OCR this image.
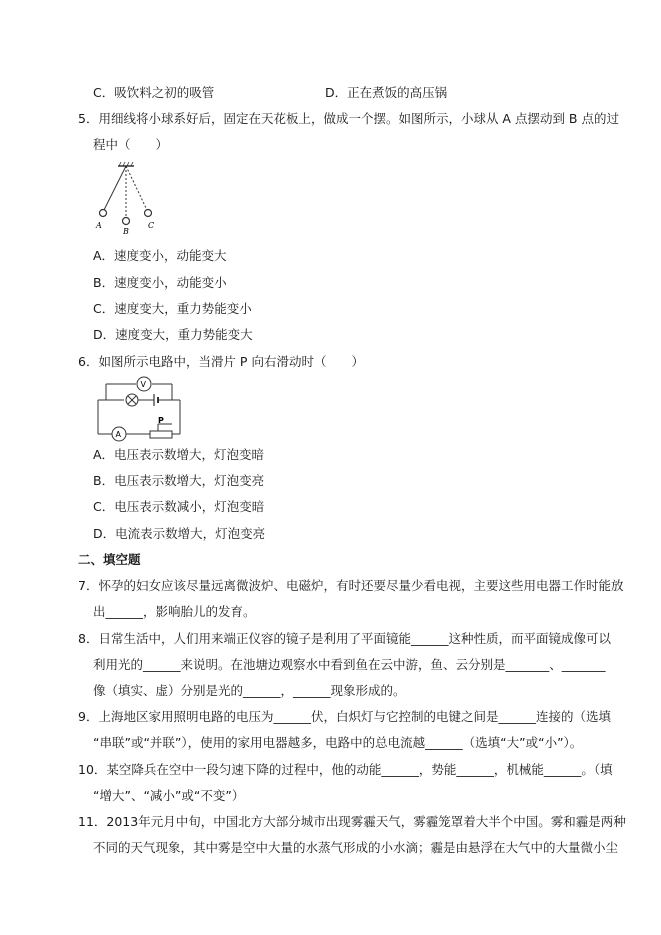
C．吸饮料之初的吸管	D．正在煮饭的高压锅
5．用细线将小球系好后，固定在天花板上，做成一个摆。如图所示，小球从 A 点摆动到 B 点的过
程中（　　）
A
B
C
A．速度变小，动能变大
B．速度变小，动能变小
C．速度变大，重力势能变小
D．速度变大，重力势能变大
6．如图所示电路中，当滑片 P 向右滑动时（　　）
V
A
P
A．电压表示数增大，灯泡变暗
B．电压表示数增大，灯泡变亮
C．电压表示数减小，灯泡变暗
D．电流表示数增大，灯泡变亮
二、填空题
7．怀孕的妇女应该尽量远离微波炉、电磁炉，有时还要尽量少看电视，主要这些用电器工作时能放
出______，影响胎儿的发育。
8．日常生活中，人们用来端正仪容的镜子是利用了平面镜能______这种性质，而平面镜成像可以
利用光的______来说明。在池塘边观察水中看到鱼在云中游，鱼、云分别是_______、_______
像（填实、虚）分别是光的______，______现象形成的。
9．上海地区家用照明电路的电压为______伏，白炽灯与它控制的电键之间是______连接的（选填
“串联”或“并联”），使用的家用电器越多，电路中的总电流越______（选填“大”或“小”）。
10．某空降兵在空中一段匀速下降的过程中，他的动能______，势能______，机械能______。（填
“增大”、“减小”或“不变”）
11．2013年元月中旬，中国北方大部分城市出现雾霾天气，雾霾笼罩着大半个中国。雾和霾是两种
不同的天气现象，其中雾是空中大量的水蒸气形成的小水滴；霾是由悬浮在大气中的大量微小尘
